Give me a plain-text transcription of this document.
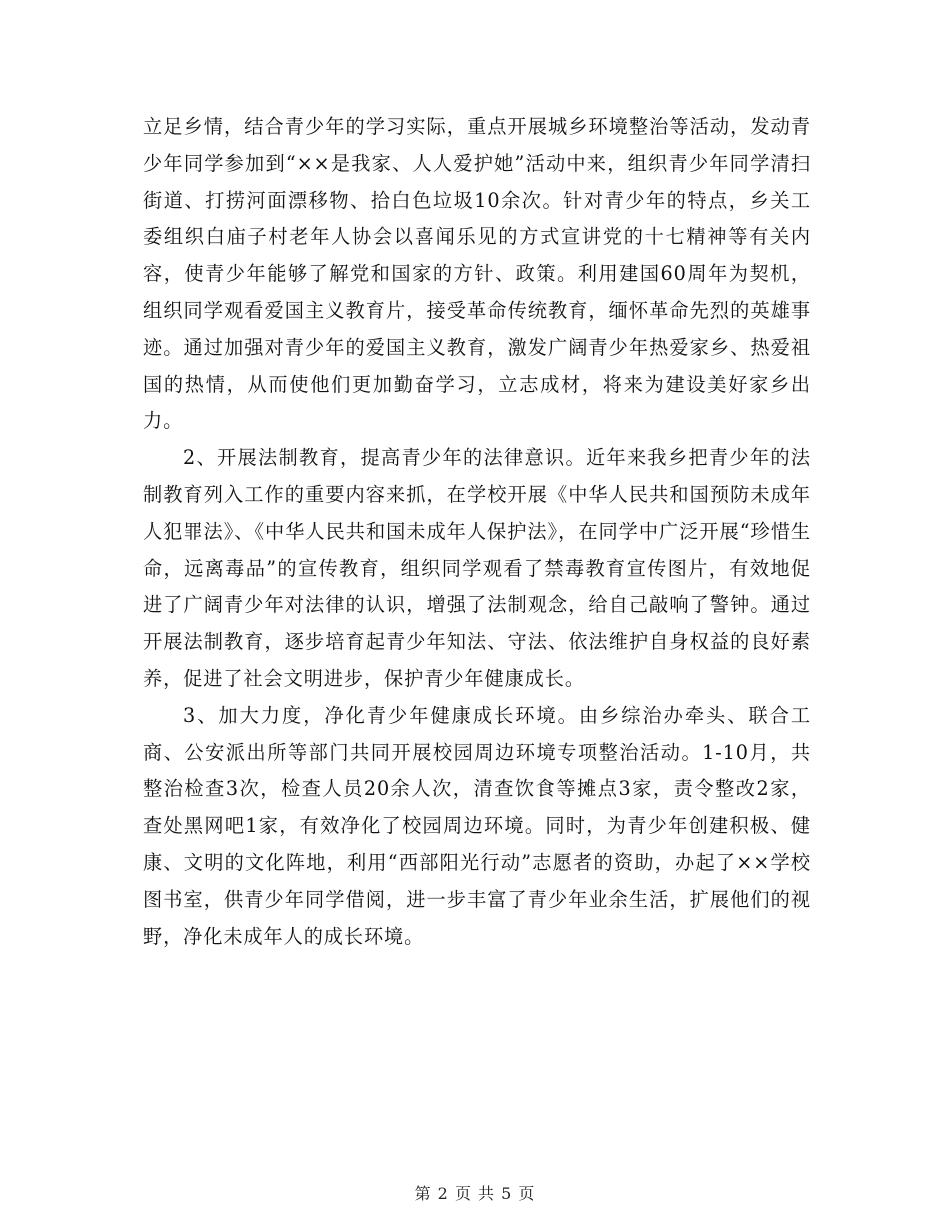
立足乡情，结合青少年的学习实际，重点开展城乡环境整治等活动，发动青少年同学参加到“××是我家、人人爱护她”活动中来，组织青少年同学清扫街道、打捞河面漂移物、拾白色垃圾10余次。针对青少年的特点，乡关工委组织白庙子村老年人协会以喜闻乐见的方式宣讲党的十七精神等有关内容，使青少年能够了解党和国家的方针、政策。利用建国60周年为契机，组织同学观看爱国主义教育片，接受革命传统教育，缅怀革命先烈的英雄事迹。通过加强对青少年的爱国主义教育，激发广阔青少年热爱家乡、热爱祖国的热情，从而使他们更加勤奋学习，立志成材，将来为建设美好家乡出力。

2、开展法制教育，提高青少年的法律意识。近年来我乡把青少年的法制教育列入工作的重要内容来抓，在学校开展《中华人民共和国预防未成年人犯罪法》、《中华人民共和国未成年人保护法》，在同学中广泛开展“珍惜生命，远离毒品”的宣传教育，组织同学观看了禁毒教育宣传图片，有效地促进了广阔青少年对法律的认识，增强了法制观念，给自己敲响了警钟。通过开展法制教育，逐步培育起青少年知法、守法、依法维护自身权益的良好素养，促进了社会文明进步，保护青少年健康成长。

3、加大力度，净化青少年健康成长环境。由乡综治办牵头、联合工商、公安派出所等部门共同开展校园周边环境专项整治活动。1-10月，共整治检查3次，检查人员20余人次，清查饮食等摊点3家，责令整改2家，查处黑网吧1家，有效净化了校园周边环境。同时，为青少年创建积极、健康、文明的文化阵地，利用“西部阳光行动”志愿者的资助，办起了××学校图书室，供青少年同学借阅，进一步丰富了青少年业余生活，扩展他们的视野，净化未成年人的成长环境。

第 2 页 共 5 页
